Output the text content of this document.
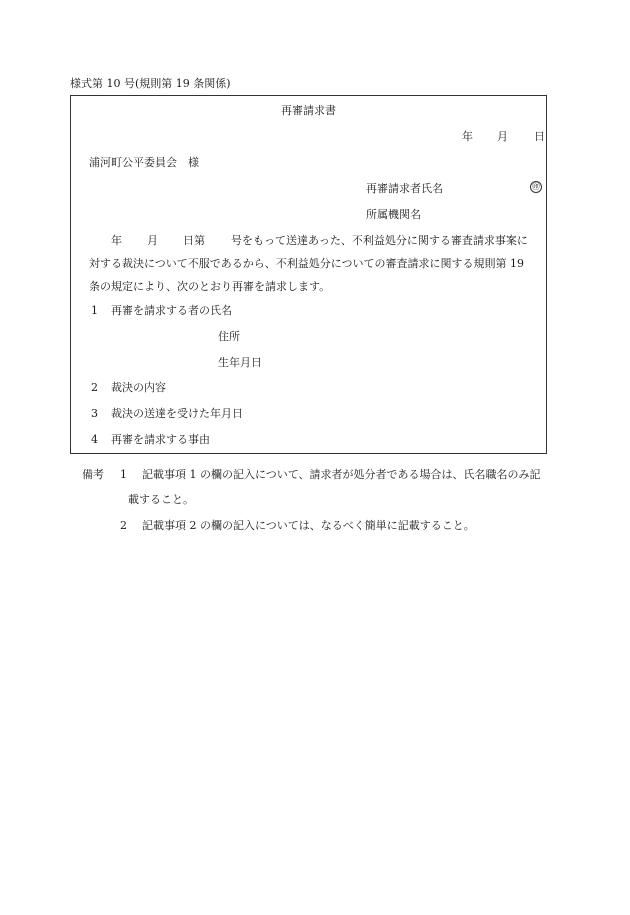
様式第 10 号(規則第 19 条関係)
再審請求書
年 月 日
浦河町公平委員会　様
再審請求者氏名	㊞
所属機関名
年 月 日第 号をもって送達あった、不利益処分に関する審査請求事案に
対する裁決について不服であるから、不利益処分についての審査請求に関する規則第 19
条の規定により、次のとおり再審を請求します。
1 再審を請求する者の氏名
住所
生年月日
2 裁決の内容
3 裁決の送達を受けた年月日
4 再審を請求する事由
備考 1 記載事項 1 の欄の記入について、請求者が処分者である場合は、氏名職名のみ記
載すること。
2 記載事項 2 の欄の記入については、なるべく簡単に記載すること。
